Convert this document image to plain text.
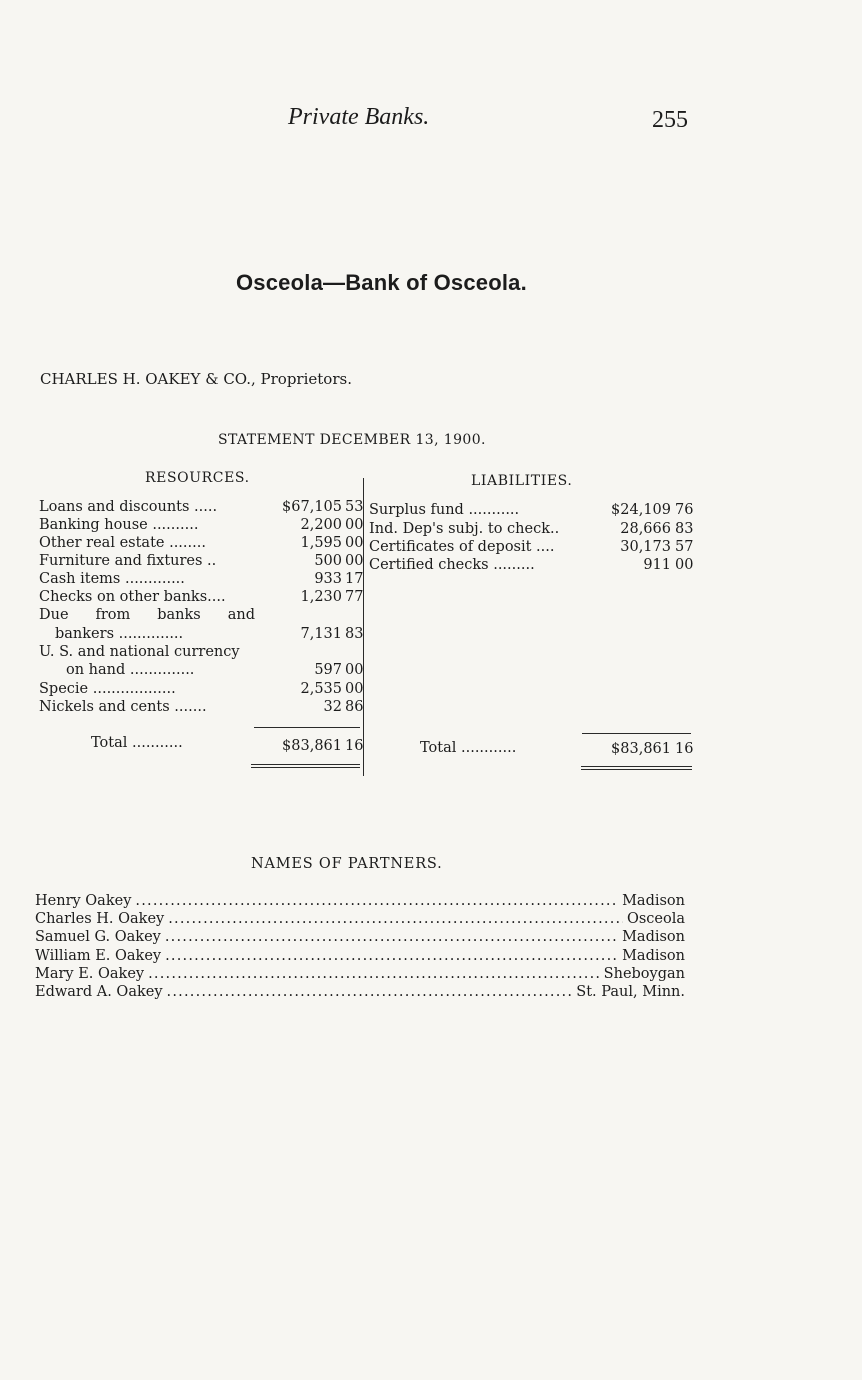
Private Banks.	255
Osceola—Bank of Osceola.
CHARLES H. OAKEY & CO., Proprietors.
STATEMENT DECEMBER 13, 1900.
RESOURCES.
Loans and discounts .....	$67,105 53
Banking house ..........	2,200 00
Other real estate ........	1,595 00
Furniture and fixtures ..	500 00
Cash items .............	933 17
Checks on other banks....	1,230 77
Due from banks and
bankers ..............	7,131 83
U. S. and national currency
on hand ..............	597 00
Specie ..................	2,535 00
Nickels and cents .......	32 86
Total ...........	$83,861 16
LIABILITIES.
Surplus fund ...........	$24,109 76
Ind. Dep's subj. to check..	28,666 83
Certificates of deposit ....	30,173 57
Certified checks .........	911 00
Total ............	$83,861 16
NAMES OF PARTNERS.
Henry Oakey .....	Madison
Charles H. Oakey .....	Osceola
Samuel G. Oakey .....	Madison
William E. Oakey .....	Madison
Mary E. Oakey .....	Sheboygan
Edward A. Oakey .....	St. Paul, Minn.
